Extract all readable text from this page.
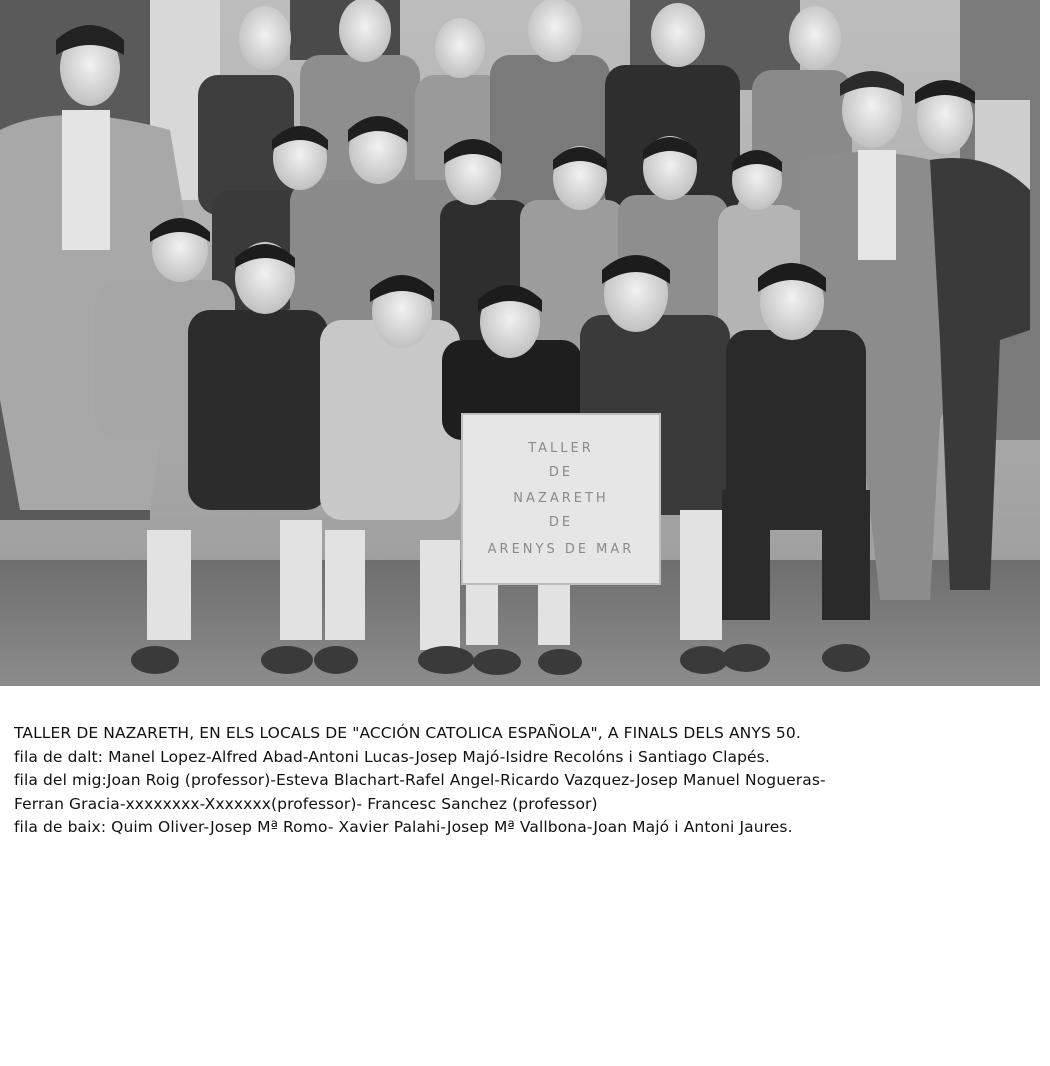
TALLER
DE
NAZARETH
DE
ARENYS DE MAR
TALLER DE NAZARETH, EN ELS LOCALS DE "ACCIÓN CATOLICA ESPAÑOLA", A FINALS DELS ANYS 50.
fila de dalt: Manel Lopez-Alfred Abad-Antoni Lucas-Josep Majó-Isidre Recolóns i Santiago Clapés.
fila del mig:Joan Roig (professor)-Esteva Blachart-Rafel Angel-Ricardo Vazquez-Josep Manuel Nogueras-
Ferran Gracia-xxxxxxxx-Xxxxxxx(professor)- Francesc Sanchez (professor)
fila de baix: Quim Oliver-Josep Mª Romo- Xavier Palahi-Josep Mª Vallbona-Joan Majó i Antoni Jaures.
